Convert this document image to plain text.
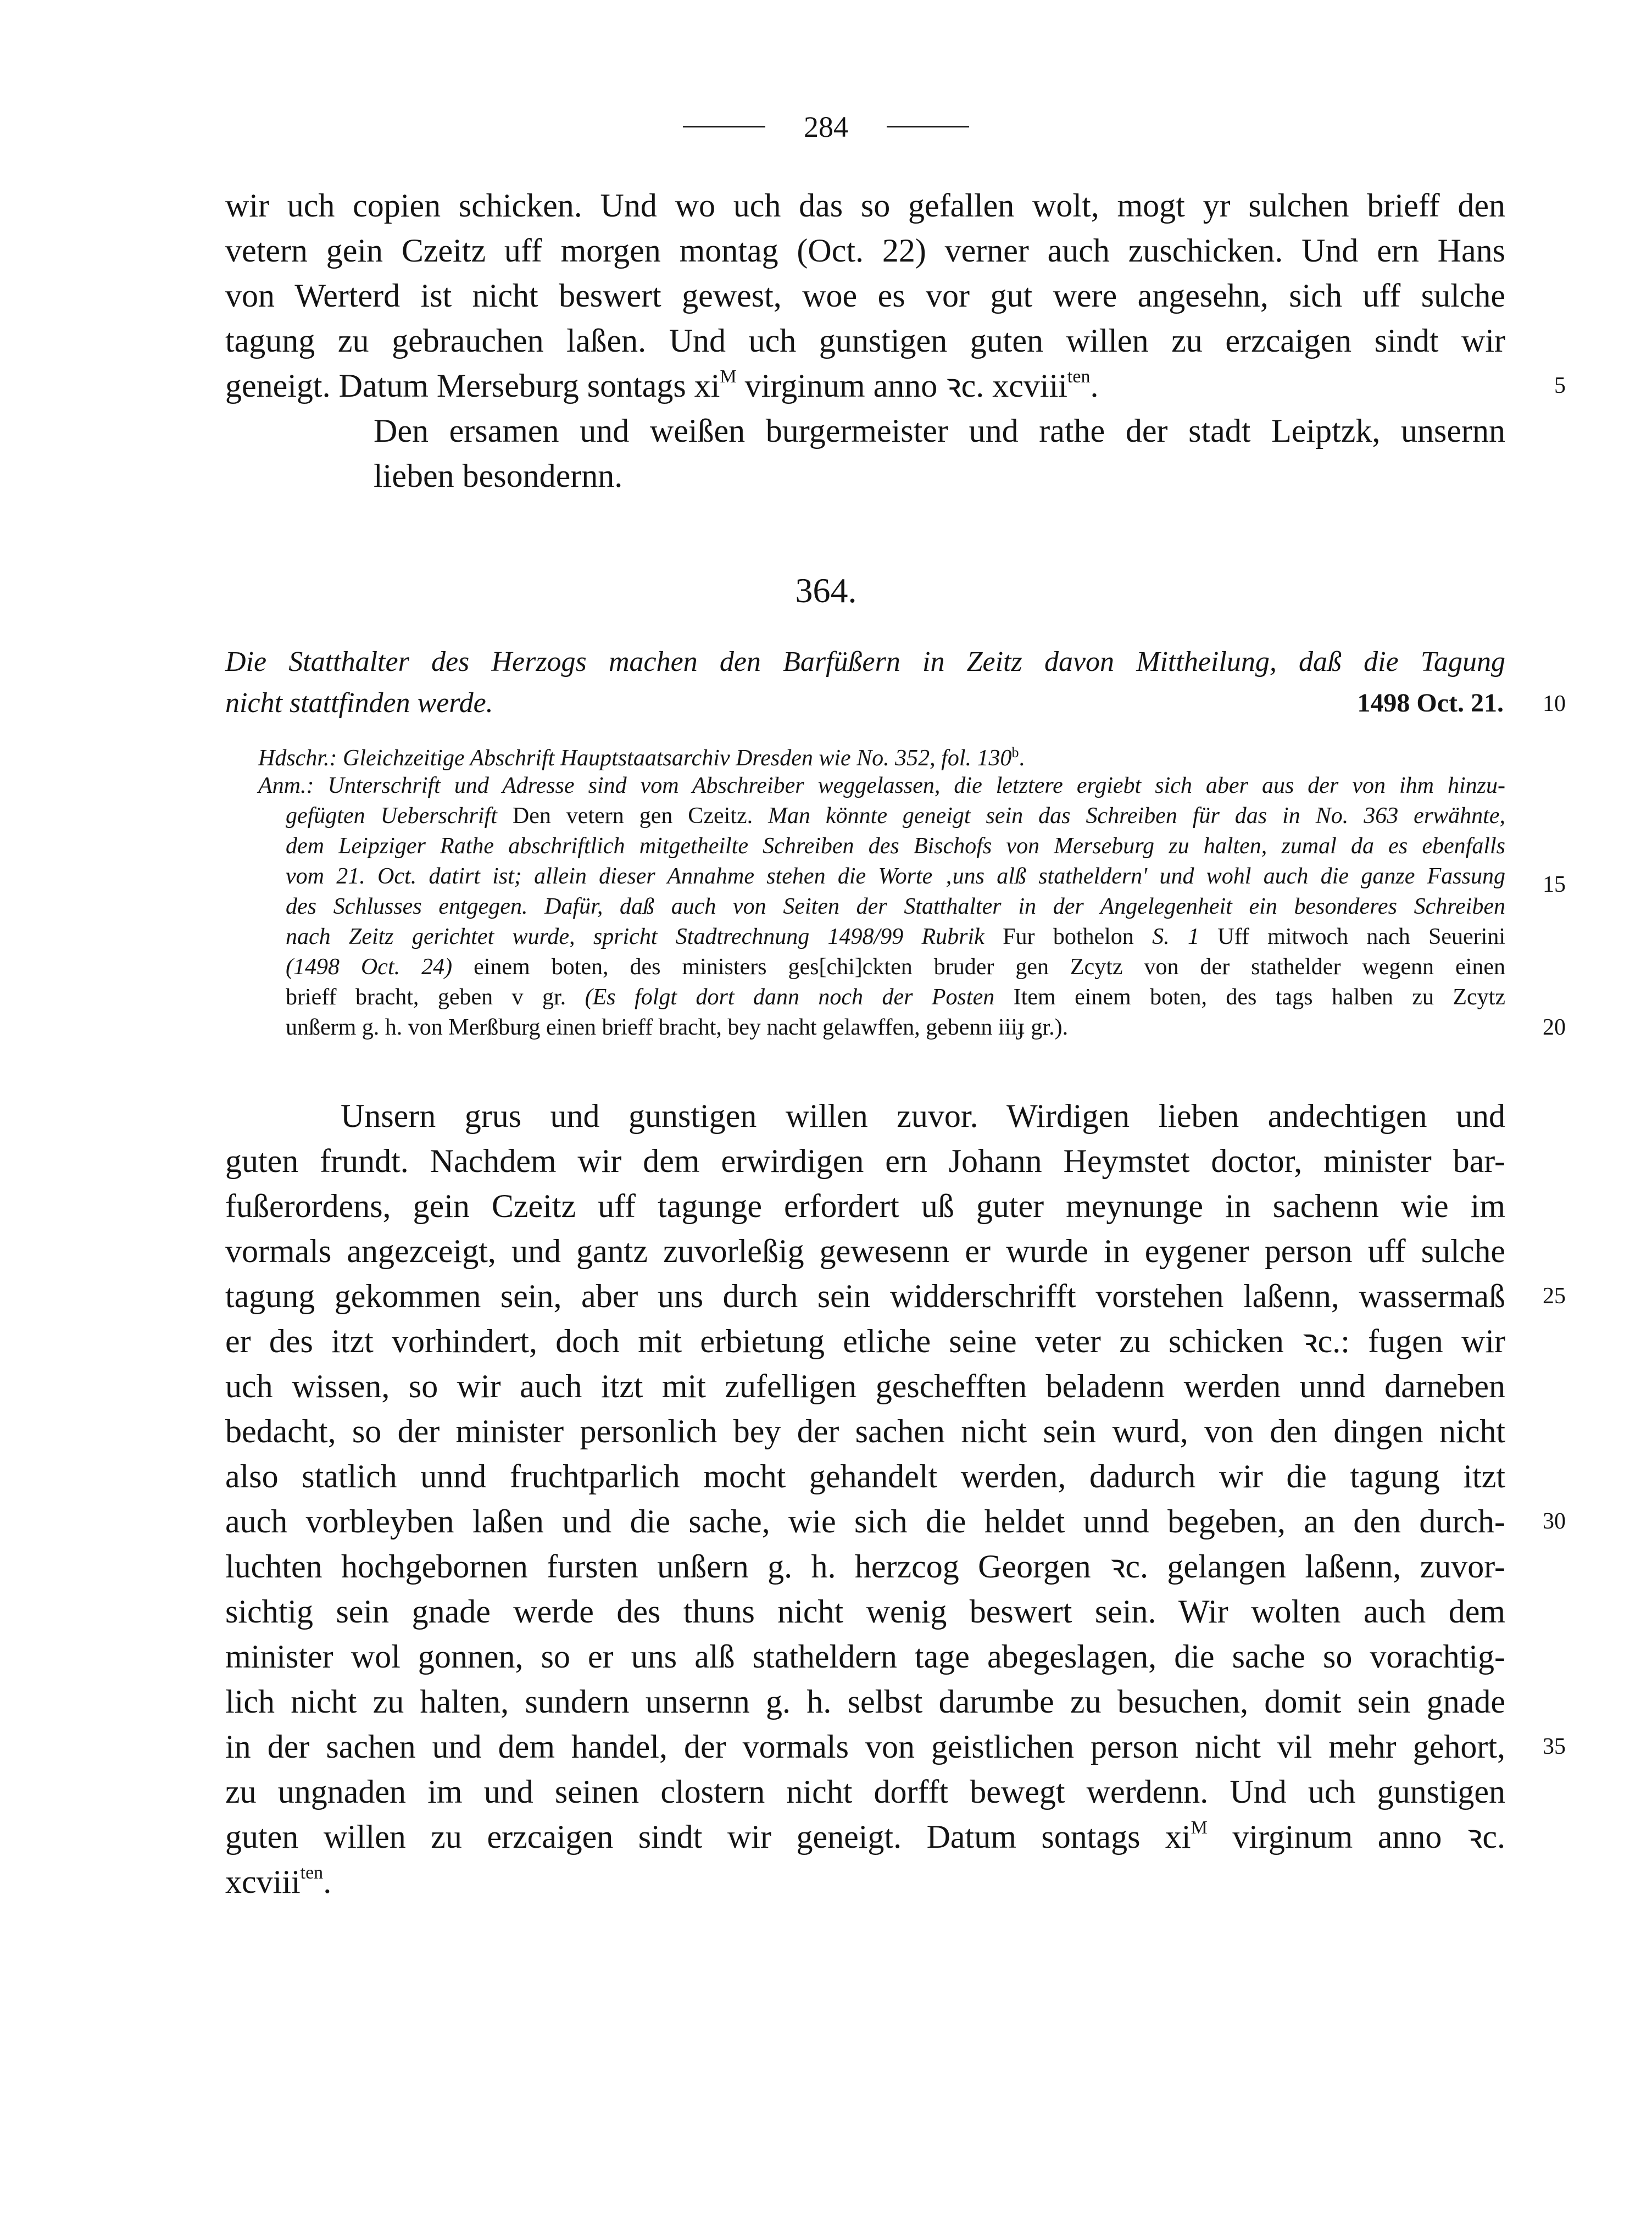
284
wir uch copien schicken. Und wo uch das so gefallen wolt, mogt yr sulchen brieff den
vetern gein Czeitz uff morgen montag (Oct. 22) verner auch zuschicken. Und ern Hans
von Werterd ist nicht beswert gewest, woe es vor gut were angesehn, sich uff sulche
tagung zu gebrauchen laßen. Und uch gunstigen guten willen zu erzcaigen sindt wir
geneigt. Datum Merseburg sontags $xi^M$ virginum anno ꝛc. xcviii$^{ten}$.	5
Den ersamen und weißen burgermeister und rathe der stadt Leiptzk, unsernn
lieben besondernn.
364.
Die Statthalter des Herzogs machen den Barfüßern in Zeitz davon Mittheilung, daß die Tagung
nicht stattfinden werde.	1498 Oct. 21.	10
Hdschr.: Gleichzeitige Abschrift Hauptstaatsarchiv Dresden wie No. 352, fol. 130$^b$.
Anm.: Unterschrift und Adresse sind vom Abschreiber weggelassen, die letztere ergiebt sich aber aus der von ihm hinzu-
gefügten Ueberschrift Den vetern gen Czeitz. Man könnte geneigt sein das Schreiben für das in No. 363 erwähnte,
dem Leipziger Rathe abschriftlich mitgetheilte Schreiben des Bischofs von Merseburg zu halten, zumal da es ebenfalls
vom 21. Oct. datirt ist; allein dieser Annahme stehen die Worte ‚uns alß statheldern' und wohl auch die ganze Fassung
des Schlusses entgegen. Dafür, daß auch von Seiten der Statthalter in der Angelegenheit ein besonderes Schreiben
15
nach Zeitz gerichtet wurde, spricht Stadtrechnung 1498/99 Rubrik Fur bothelon S. 1 Uff mitwoch nach Seuerini
(1498 Oct. 24) einem boten, des ministers ges[chi]ckten bruder gen Zcytz von der stathelder wegenn einen
brieff bracht, geben v gr. (Es folgt dort dann noch der Posten Item einem boten, des tags halben zu Zcytz
unßerm g. h. von Merßburg einen brieff bracht, bey nacht gelawffen, gebenn iiiɟ gr.).	20
Unsern grus und gunstigen willen zuvor. Wirdigen lieben andechtigen und
guten frundt. Nachdem wir dem erwirdigen ern Johann Heymstet doctor, minister bar-
fußerordens, gein Czeitz uff tagunge erfordert uß guter meynunge in sachenn wie im
vormals angezceigt, und gantz zuvorleßig gewesenn er wurde in eygener person uff sulche
tagung gekommen sein, aber uns durch sein widderschrifft vorstehen laßenn, wassermaß	25
er des itzt vorhindert, doch mit erbietung etliche seine veter zu schicken ꝛc.: fugen wir
uch wissen, so wir auch itzt mit zufelligen geschefften beladenn werden unnd darneben
bedacht, so der minister personlich bey der sachen nicht sein wurd, von den dingen nicht
also statlich unnd fruchtparlich mocht gehandelt werden, dadurch wir die tagung itzt
auch vorbleyben laßen und die sache, wie sich die heldet unnd begeben, an den durch-	30
luchten hochgebornen fursten unßern g. h. herzcog Georgen ꝛc. gelangen laßenn, zuvor-
sichtig sein gnade werde des thuns nicht wenig beswert sein. Wir wolten auch dem
minister wol gonnen, so er uns alß statheldern tage abegeslagen, die sache so vorachtig-
lich nicht zu halten, sundern unsernn g. h. selbst darumbe zu besuchen, domit sein gnade
in der sachen und dem handel, der vormals von geistlichen person nicht vil mehr gehort,	35
zu ungnaden im und seinen clostern nicht dorfft bewegt werdenn. Und uch gunstigen
guten willen zu erzcaigen sindt wir geneigt. Datum sontags $xi^M$ virginum anno ꝛc.
xcviii$^{ten}$.
